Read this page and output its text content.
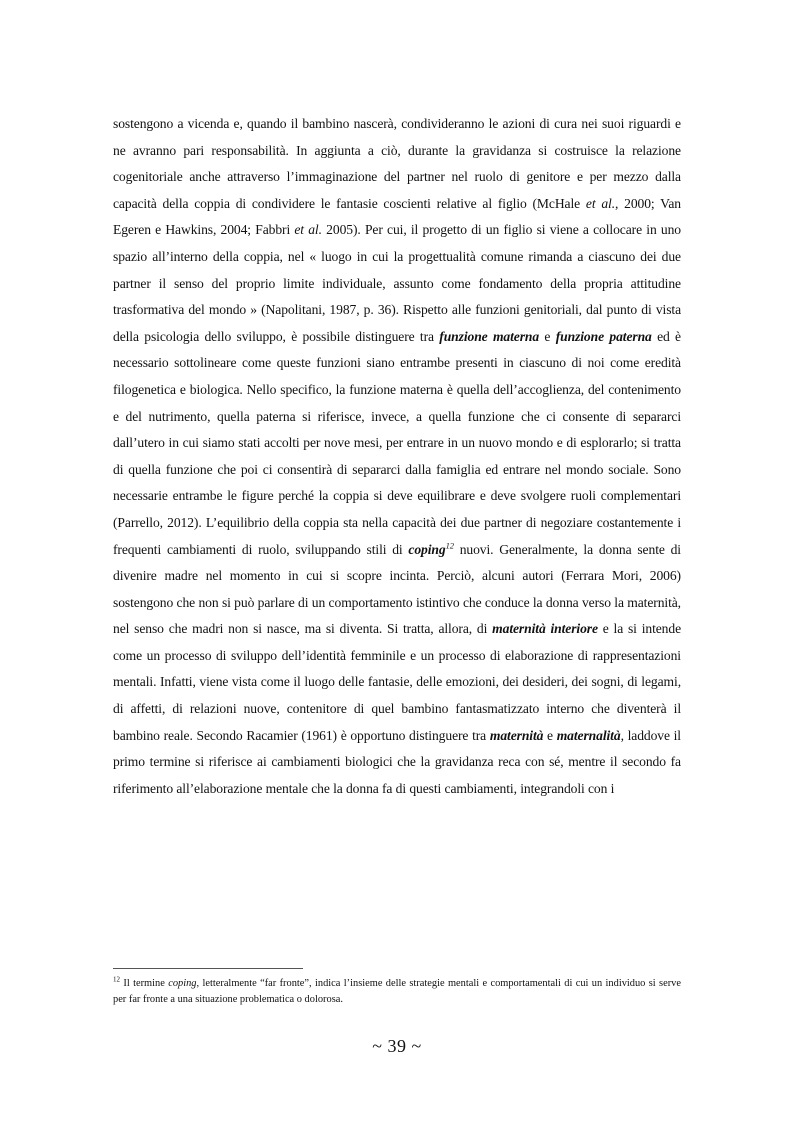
sostengono a vicenda e, quando il bambino nascerà, condivideranno le azioni di cura nei suoi riguardi e ne avranno pari responsabilità. In aggiunta a ciò, durante la gravidanza si costruisce la relazione cogenitoriale anche attraverso l’immaginazione del partner nel ruolo di genitore e per mezzo dalla capacità della coppia di condividere le fantasie coscienti relative al figlio (McHale et al., 2000; Van Egeren e Hawkins, 2004; Fabbri et al. 2005). Per cui, il progetto di un figlio si viene a collocare in uno spazio all’interno della coppia, nel « luogo in cui la progettualità comune rimanda a ciascuno dei due partner il senso del proprio limite individuale, assunto come fondamento della propria attitudine trasformativa del mondo » (Napolitani, 1987, p. 36). Rispetto alle funzioni genitoriali, dal punto di vista della psicologia dello sviluppo, è possibile distinguere tra funzione materna e funzione paterna ed è necessario sottolineare come queste funzioni siano entrambe presenti in ciascuno di noi come eredità filogenetica e biologica. Nello specifico, la funzione materna è quella dell’accoglienza, del contenimento e del nutrimento, quella paterna si riferisce, invece, a quella funzione che ci consente di separarci dall’utero in cui siamo stati accolti per nove mesi, per entrare in un nuovo mondo e di esplorarlo; si tratta di quella funzione che poi ci consentirà di separarci dalla famiglia ed entrare nel mondo sociale. Sono necessarie entrambe le figure perché la coppia si deve equilibrare e deve svolgere ruoli complementari (Parrello, 2012). L’equilibrio della coppia sta nella capacità dei due partner di negoziare costantemente i frequenti cambiamenti di ruolo, sviluppando stili di coping$^{12}$ nuovi. Generalmente, la donna sente di divenire madre nel momento in cui si scopre incinta. Perciò, alcuni autori (Ferrara Mori, 2006) sostengono che non si può parlare di un comportamento istintivo che conduce la donna verso la maternità, nel senso che madri non si nasce, ma si diventa. Si tratta, allora, di maternità interiore e la si intende come un processo di sviluppo dell’identità femminile e un processo di elaborazione di rappresentazioni mentali. Infatti, viene vista come il luogo delle fantasie, delle emozioni, dei desideri, dei sogni, di legami, di affetti, di relazioni nuove, contenitore di quel bambino fantasmatizzato interno che diventerà il bambino reale. Secondo Racamier (1961) è opportuno distinguere tra maternità e maternalità, laddove il primo termine si riferisce ai cambiamenti biologici che la gravidanza reca con sé, mentre il secondo fa riferimento all’elaborazione mentale che la donna fa di questi cambiamenti, integrandoli con i

$^{12}$ Il termine coping, letteralmente “far fronte”, indica l’insieme delle strategie mentali e comportamentali di cui un individuo si serve per far fronte a una situazione problematica o dolorosa.
~ 39 ~
